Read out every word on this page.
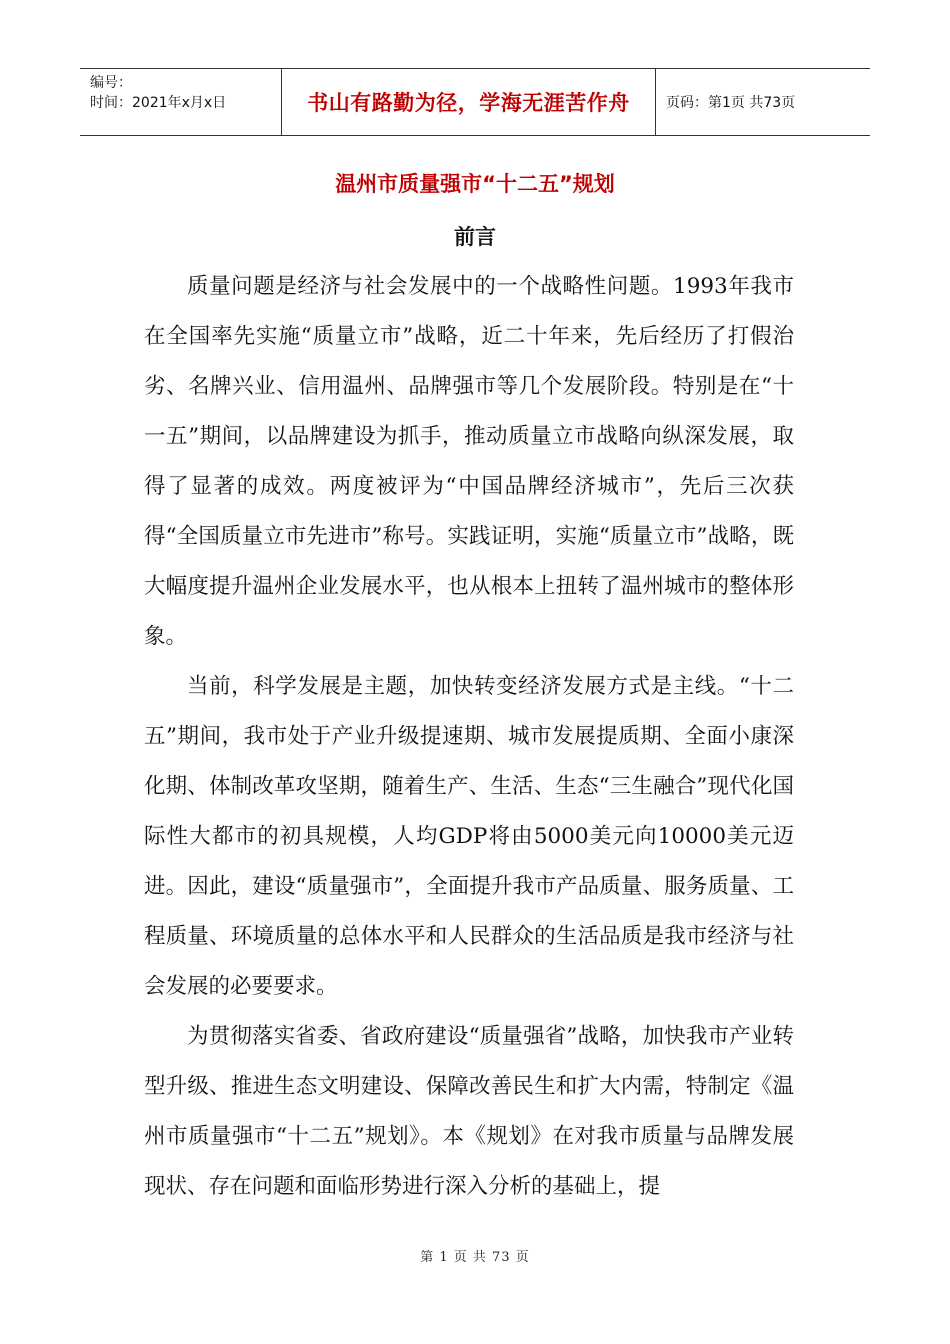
编号：
时间：2021年x月x日	书山有路勤为径，学海无涯苦作舟	页码：第1页 共73页
温州市质量强市“十二五”规划
前言

质量问题是经济与社会发展中的一个战略性问题。1993年我市在全国率先实施“质量立市”战略，近二十年来，先后经历了打假治劣、名牌兴业、信用温州、品牌强市等几个发展阶段。特别是在“十一五”期间，以品牌建设为抓手，推动质量立市战略向纵深发展，取得了显著的成效。两度被评为“中国品牌经济城市”，先后三次获得“全国质量立市先进市”称号。实践证明，实施“质量立市”战略，既大幅度提升温州企业发展水平，也从根本上扭转了温州城市的整体形象。

当前，科学发展是主题，加快转变经济发展方式是主线。“十二五”期间，我市处于产业升级提速期、城市发展提质期、全面小康深化期、体制改革攻坚期，随着生产、生活、生态“三生融合”现代化国际性大都市的初具规模，人均GDP将由5000美元向10000美元迈进。因此，建设“质量强市”，全面提升我市产品质量、服务质量、工程质量、环境质量的总体水平和人民群众的生活品质是我市经济与社会发展的必要要求。

为贯彻落实省委、省政府建设“质量强省”战略，加快我市产业转型升级、推进生态文明建设、保障改善民生和扩大内需，特制定《温州市质量强市“十二五”规划》。本《规划》在对我市质量与品牌发展现状、存在问题和面临形势进行深入分析的基础上，提

第 1 页 共 73 页
